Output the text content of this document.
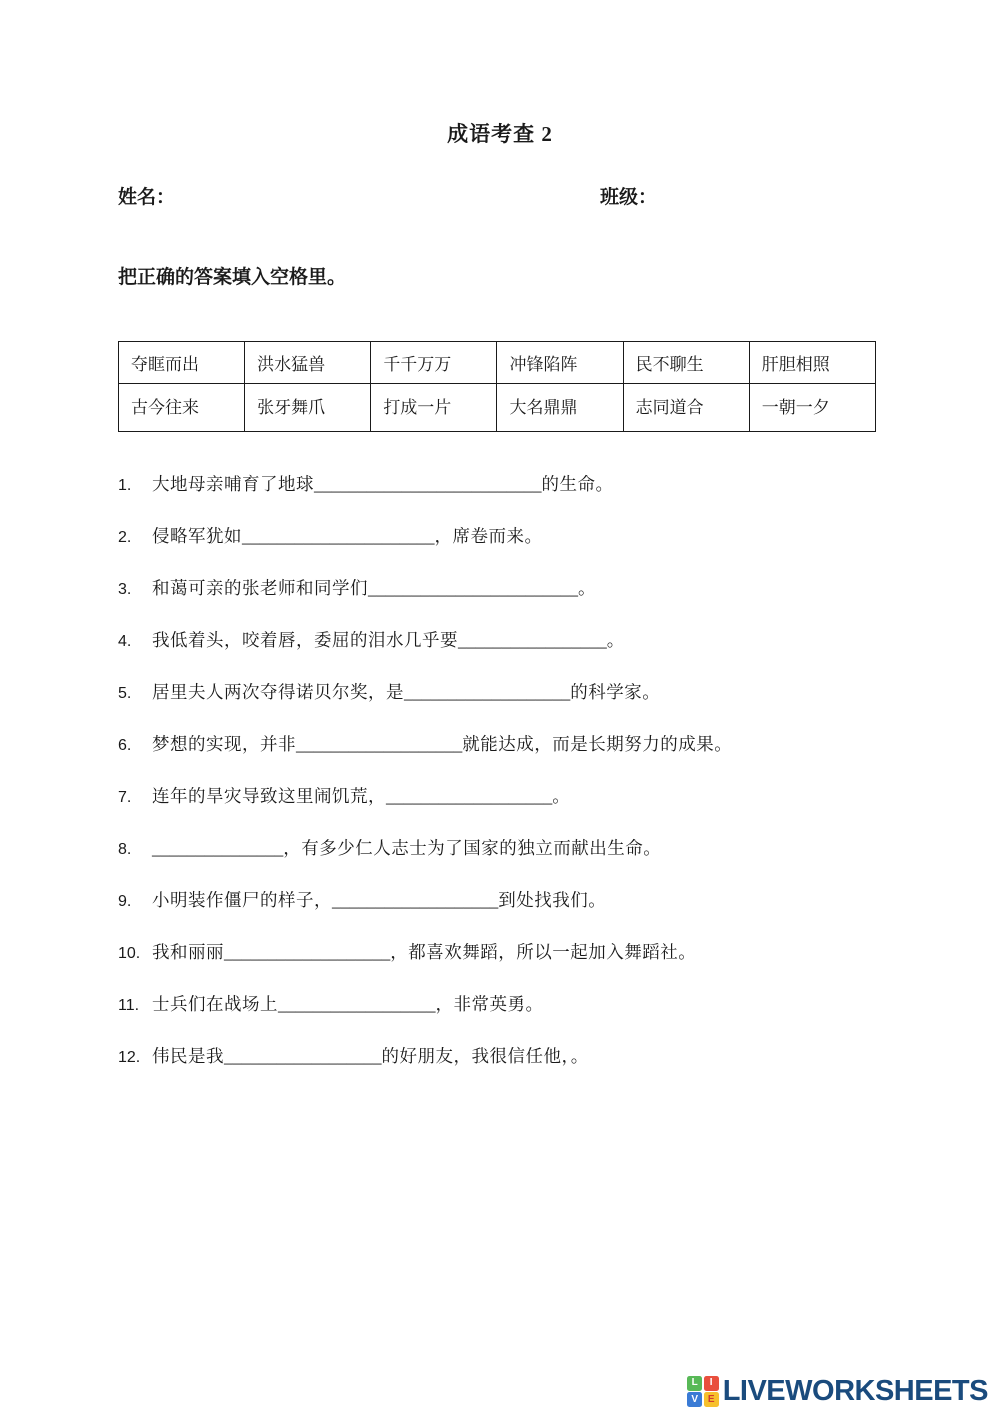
成语考查 2
姓名：	班级：

把正确的答案填入空格里。

夺眶而出	洪水猛兽	千千万万	冲锋陷阵	民不聊生	肝胆相照
古今往来	张牙舞爪	打成一片	大名鼎鼎	志同道合	一朝一夕
1.	大地母亲哺育了地球 __________________________ 的生命。
2.	侵略军犹如 ______________________ ，席卷而来。
3.	和蔼可亲的张老师和同学们 ________________________ 。
4.	我低着头，咬着唇，委屈的泪水几乎要 _________________ 。
5.	居里夫人两次夺得诺贝尔奖，是 ___________________ 的科学家。
6.	梦想的实现，并非 ___________________ 就能达成，而是长期努力的成果。
7.	连年的旱灾导致这里闹饥荒， ___________________ 。
8.	_______________ ，有多少仁人志士为了国家的独立而献出生命。
9.	小明装作僵尸的样子， ___________________ 到处找我们。
10. 我和丽丽 ___________________ ，都喜欢舞蹈，所以一起加入舞蹈社。
11. 士兵们在战场上 __________________ ，非常英勇。
12. 伟民是我 __________________ 的好朋友，我很信任他，。
L	I
V E LIVEWORKSHEETS
